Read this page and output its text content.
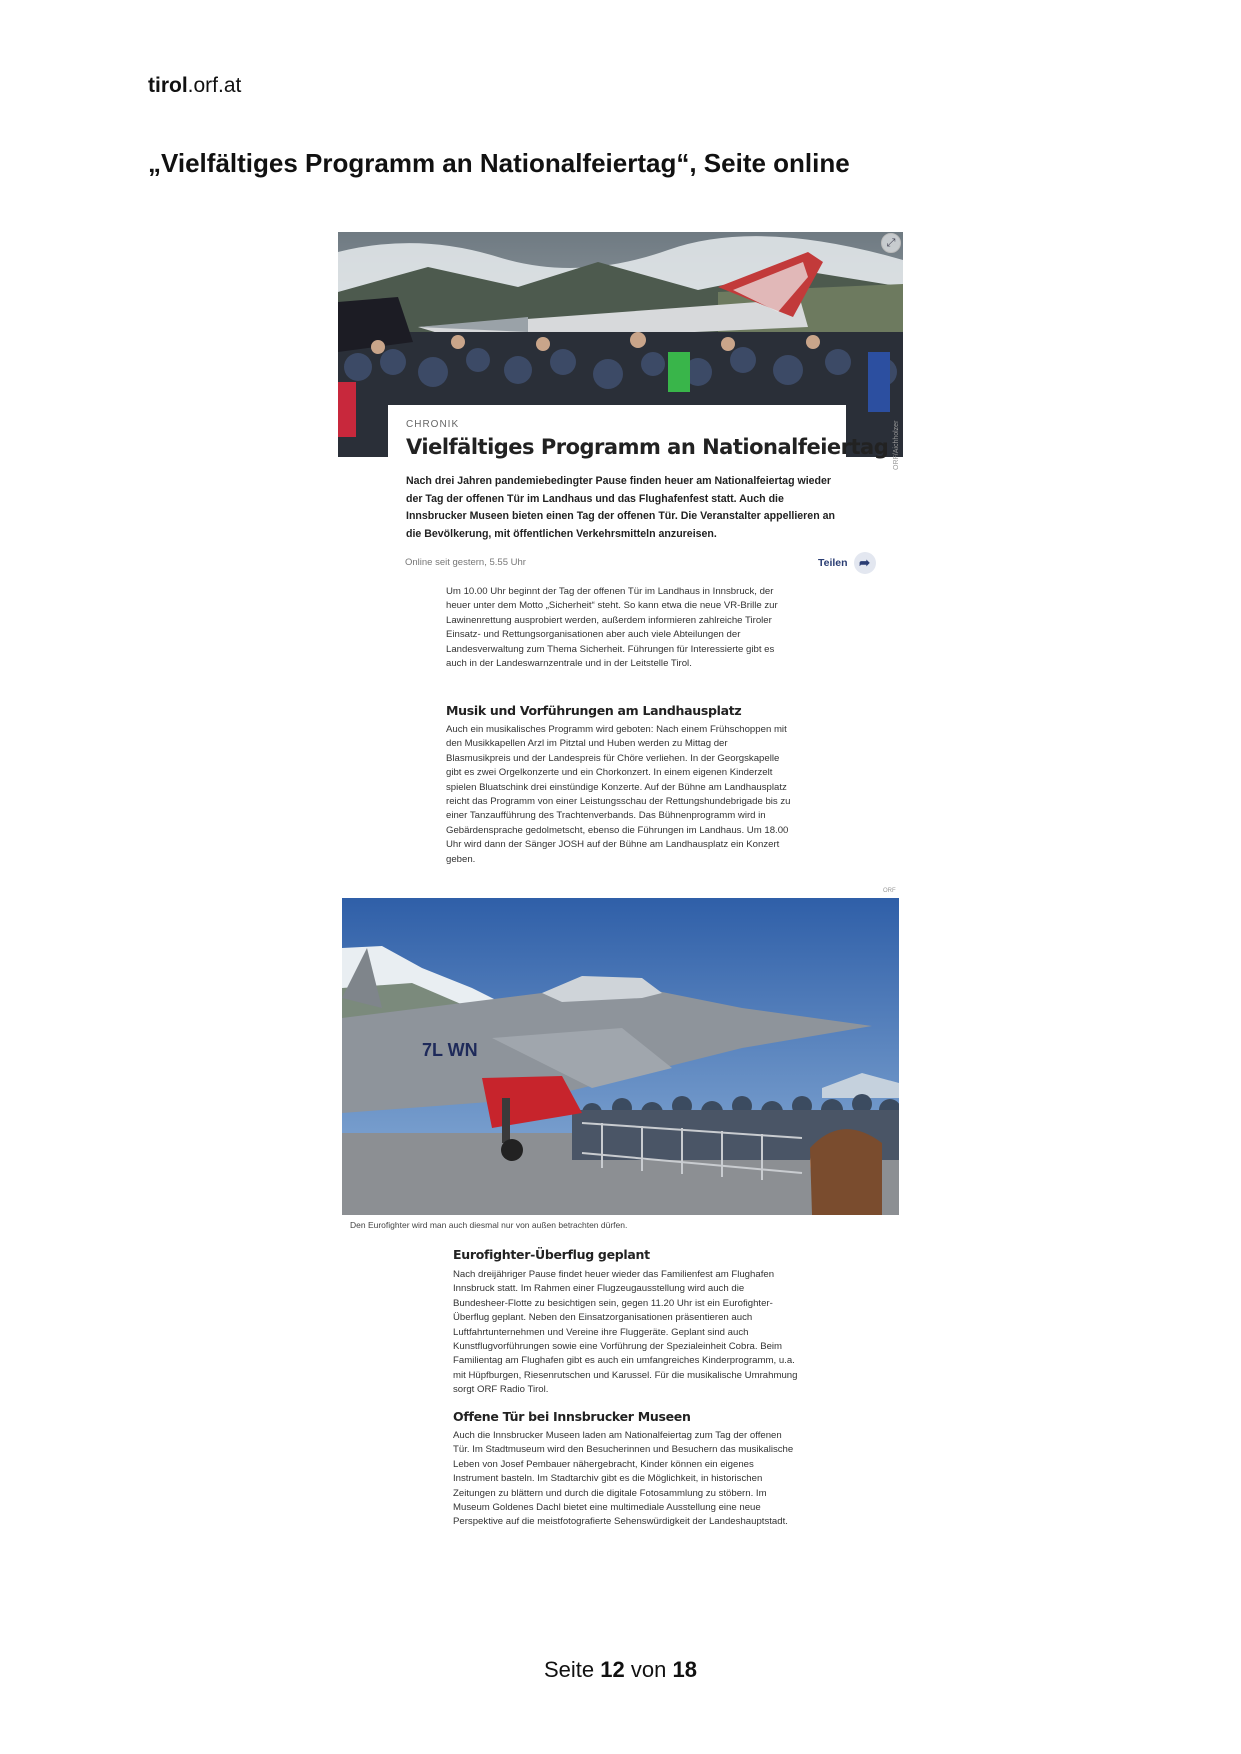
tirol.orf.at
„Vielfältiges Programm an Nationalfeiertag“, Seite online
⤢
CHRONIK
Vielfältiges Programm an Nationalfeiertag

Nach drei Jahren pandemiebedingter Pause finden heuer am Nationalfeiertag wieder der Tag der offenen Tür im Landhaus und das Flughafenfest statt. Auch die Innsbrucker Museen bieten einen Tag der offenen Tür. Die Veranstalter appellieren an die Bevölkerung, mit öffentlichen Verkehrsmitteln anzureisen.

ORF/Aichholzer
Online seit gestern, 5.55 Uhr	Teilen ➦

Um 10.00 Uhr beginnt der Tag der offenen Tür im Landhaus in Innsbruck, der heuer unter dem Motto „Sicherheit“ steht. So kann etwa die neue VR-Brille zur Lawinenrettung ausprobiert werden, außerdem informieren zahlreiche Tiroler Einsatz- und Rettungsorganisationen aber auch viele Abteilungen der Landesverwaltung zum Thema Sicherheit. Führungen für Interessierte gibt es auch in der Landeswarnzentrale und in der Leitstelle Tirol.

Musik und Vorführungen am Landhausplatz

Auch ein musikalisches Programm wird geboten: Nach einem Frühschoppen mit den Musikkapellen Arzl im Pitztal und Huben werden zu Mittag der Blasmusikpreis und der Landespreis für Chöre verliehen. In der Georgskapelle gibt es zwei Orgelkonzerte und ein Chorkonzert. In einem eigenen Kinderzelt spielen Bluatschink drei einstündige Konzerte. Auf der Bühne am Landhausplatz reicht das Programm von einer Leistungsschau der Rettungshundebrigade bis zu einer Tanzaufführung des Trachtenverbands. Das Bühnenprogramm wird in Gebärdensprache gedolmetscht, ebenso die Führungen im Landhaus. Um 18.00 Uhr wird dann der Sänger JOSH auf der Bühne am Landhausplatz ein Konzert geben.

ORF
7L WN
Den Eurofighter wird man auch diesmal nur von außen betrachten dürfen.
Eurofighter-Überflug geplant

Nach dreijähriger Pause findet heuer wieder das Familienfest am Flughafen Innsbruck statt. Im Rahmen einer Flugzeugausstellung wird auch die Bundesheer-Flotte zu besichtigen sein, gegen 11.20 Uhr ist ein Eurofighter-Überflug geplant. Neben den Einsatzorganisationen präsentieren auch Luftfahrtunternehmen und Vereine ihre Fluggeräte. Geplant sind auch Kunstflugvorführungen sowie eine Vorführung der Spezialeinheit Cobra. Beim Familientag am Flughafen gibt es auch ein umfangreiches Kinderprogramm, u.a. mit Hüpfburgen, Riesenrutschen und Karussel. Für die musikalische Umrahmung sorgt ORF Radio Tirol.

Offene Tür bei Innsbrucker Museen

Auch die Innsbrucker Museen laden am Nationalfeiertag zum Tag der offenen Tür. Im Stadtmuseum wird den Besucherinnen und Besuchern das musikalische Leben von Josef Pembauer nähergebracht, Kinder können ein eigenes Instrument basteln. Im Stadtarchiv gibt es die Möglichkeit, in historischen Zeitungen zu blättern und durch die digitale Fotosammlung zu stöbern. Im Museum Goldenes Dachl bietet eine multimediale Ausstellung eine neue Perspektive auf die meistfotografierte Sehenswürdigkeit der Landeshauptstadt.

Seite 12 von 18
